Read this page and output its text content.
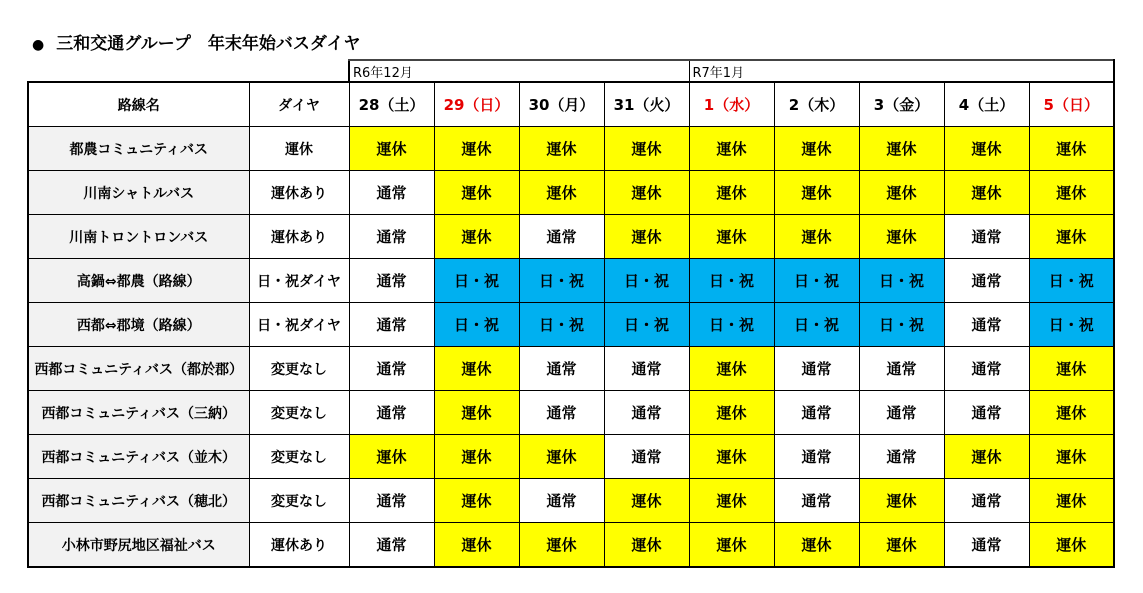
● 三和交通グループ　年末年始バスダイヤ
		R6年12月				R7年1月				
路線名	ダイヤ	28（土）	29（日）	30（月）	31（火）	1（水）	2（木）	3（金）	4（土）	5（日）
都農コミュニティバス	運休	運休	運休	運休	運休	運休	運休	運休	運休	運休
川南シャトルバス	運休あり	通常	運休	運休	運休	運休	運休	運休	運休	運休
川南トロントロンバス	運休あり	通常	運休	通常	運休	運休	運休	運休	通常	運休
高鍋⇔都農（路線）	日・祝ダイヤ	通常	日・祝	日・祝	日・祝	日・祝	日・祝	日・祝	通常	日・祝
西都⇔郡境（路線）	日・祝ダイヤ	通常	日・祝	日・祝	日・祝	日・祝	日・祝	日・祝	通常	日・祝
西都コミュニティバス（都於郡）	変更なし	通常	運休	通常	通常	運休	通常	通常	通常	運休
西都コミュニティバス（三納）	変更なし	通常	運休	通常	通常	運休	通常	通常	通常	運休
西都コミュニティバス（並木）	変更なし	運休	運休	運休	通常	運休	通常	通常	運休	運休
西都コミュニティバス（穂北）	変更なし	通常	運休	通常	運休	運休	通常	運休	通常	運休
小林市野尻地区福祉バス	運休あり	通常	運休	運休	運休	運休	運休	運休	通常	運休
